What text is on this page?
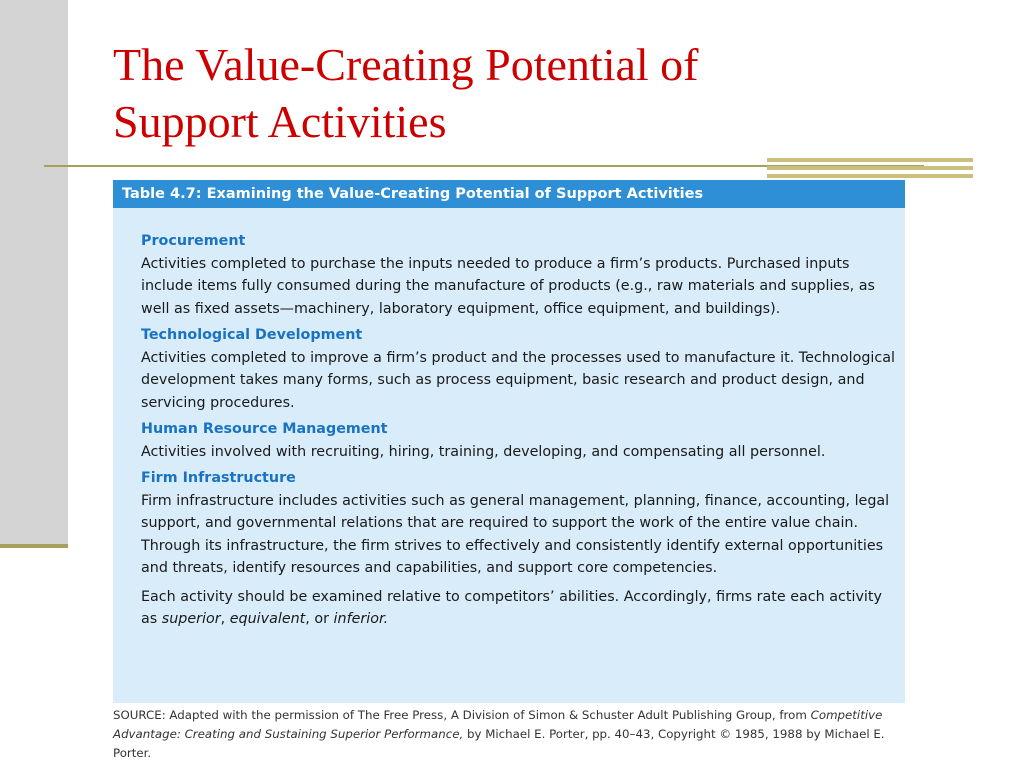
The Value-Creating Potential of
Support Activities
Table 4.7: Examining the Value-Creating Potential of Support Activities

Procurement

Activities completed to purchase the inputs needed to produce a firm’s products. Purchased inputs include items fully consumed during the manufacture of products (e.g., raw materials and supplies, as well as fixed assets—machinery, laboratory equipment, office equipment, and buildings).

Technological Development

Activities completed to improve a firm’s product and the processes used to manufacture it. Technological development takes many forms, such as process equipment, basic research and product design, and servicing procedures.

Human Resource Management

Activities involved with recruiting, hiring, training, developing, and compensating all personnel.

Firm Infrastructure

Firm infrastructure includes activities such as general management, planning, finance, accounting, legal support, and governmental relations that are required to support the work of the entire value chain. Through its infrastructure, the firm strives to effectively and consistently identify external opportunities and threats, identify resources and capabilities, and support core competencies.

Each activity should be examined relative to competitors’ abilities. Accordingly, firms rate each activity as superior, equivalent, or inferior.

SOURCE: Adapted with the permission of The Free Press, A Division of Simon & Schuster Adult Publishing Group, from Competitive Advantage: Creating and Sustaining Superior Performance, by Michael E. Porter, pp. 40–43, Copyright © 1985, 1988 by Michael E. Porter.
